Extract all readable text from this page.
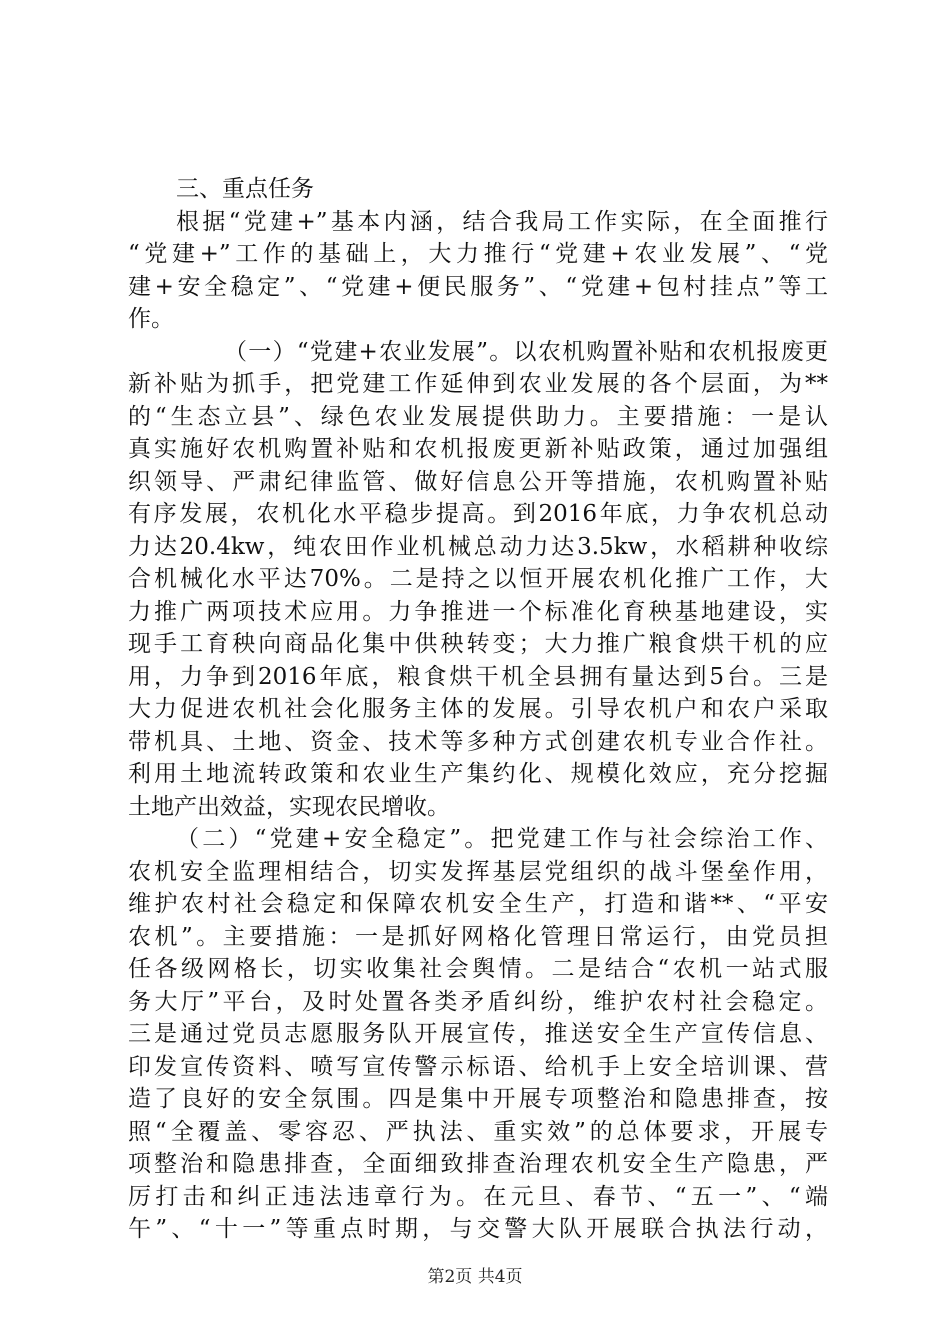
三、重点任务
根据“党建+”基本内涵，结合我局工作实际，在全面推行
“党建+”工作的基础上，大力推行“党建+农业发展”、“党
建+安全稳定”、“党建+便民服务”、“党建+包村挂点”等工
作。
（一）“党建+农业发展”。以农机购置补贴和农机报废更
新补贴为抓手，把党建工作延伸到农业发展的各个层面，为**
的“生态立县”、绿色农业发展提供助力。主要措施：一是认
真实施好农机购置补贴和农机报废更新补贴政策，通过加强组
织领导、严肃纪律监管、做好信息公开等措施，农机购置补贴
有序发展，农机化水平稳步提高。到2016年底，力争农机总动
力达20.4kw，纯农田作业机械总动力达3.5kw，水稻耕种收综
合机械化水平达70%。二是持之以恒开展农机化推广工作，大
力推广两项技术应用。力争推进一个标准化育秧基地建设，实
现手工育秧向商品化集中供秧转变；大力推广粮食烘干机的应
用，力争到2016年底，粮食烘干机全县拥有量达到5台。三是
大力促进农机社会化服务主体的发展。引导农机户和农户采取
带机具、土地、资金、技术等多种方式创建农机专业合作社。
利用土地流转政策和农业生产集约化、规模化效应，充分挖掘
土地产出效益，实现农民增收。
（二）“党建+安全稳定”。把党建工作与社会综治工作、
农机安全监理相结合，切实发挥基层党组织的战斗堡垒作用，
维护农村社会稳定和保障农机安全生产，打造和谐**、“平安
农机”。主要措施：一是抓好网格化管理日常运行，由党员担
任各级网格长，切实收集社会舆情。二是结合“农机一站式服
务大厅”平台，及时处置各类矛盾纠纷，维护农村社会稳定。
三是通过党员志愿服务队开展宣传，推送安全生产宣传信息、
印发宣传资料、喷写宣传警示标语、给机手上安全培训课、营
造了良好的安全氛围。四是集中开展专项整治和隐患排查，按
照“全覆盖、零容忍、严执法、重实效”的总体要求，开展专
项整治和隐患排查，全面细致排查治理农机安全生产隐患，严
厉打击和纠正违法违章行为。在元旦、春节、“五一”、“端
午”、“十一”等重点时期，与交警大队开展联合执法行动，
第2页 共4页
